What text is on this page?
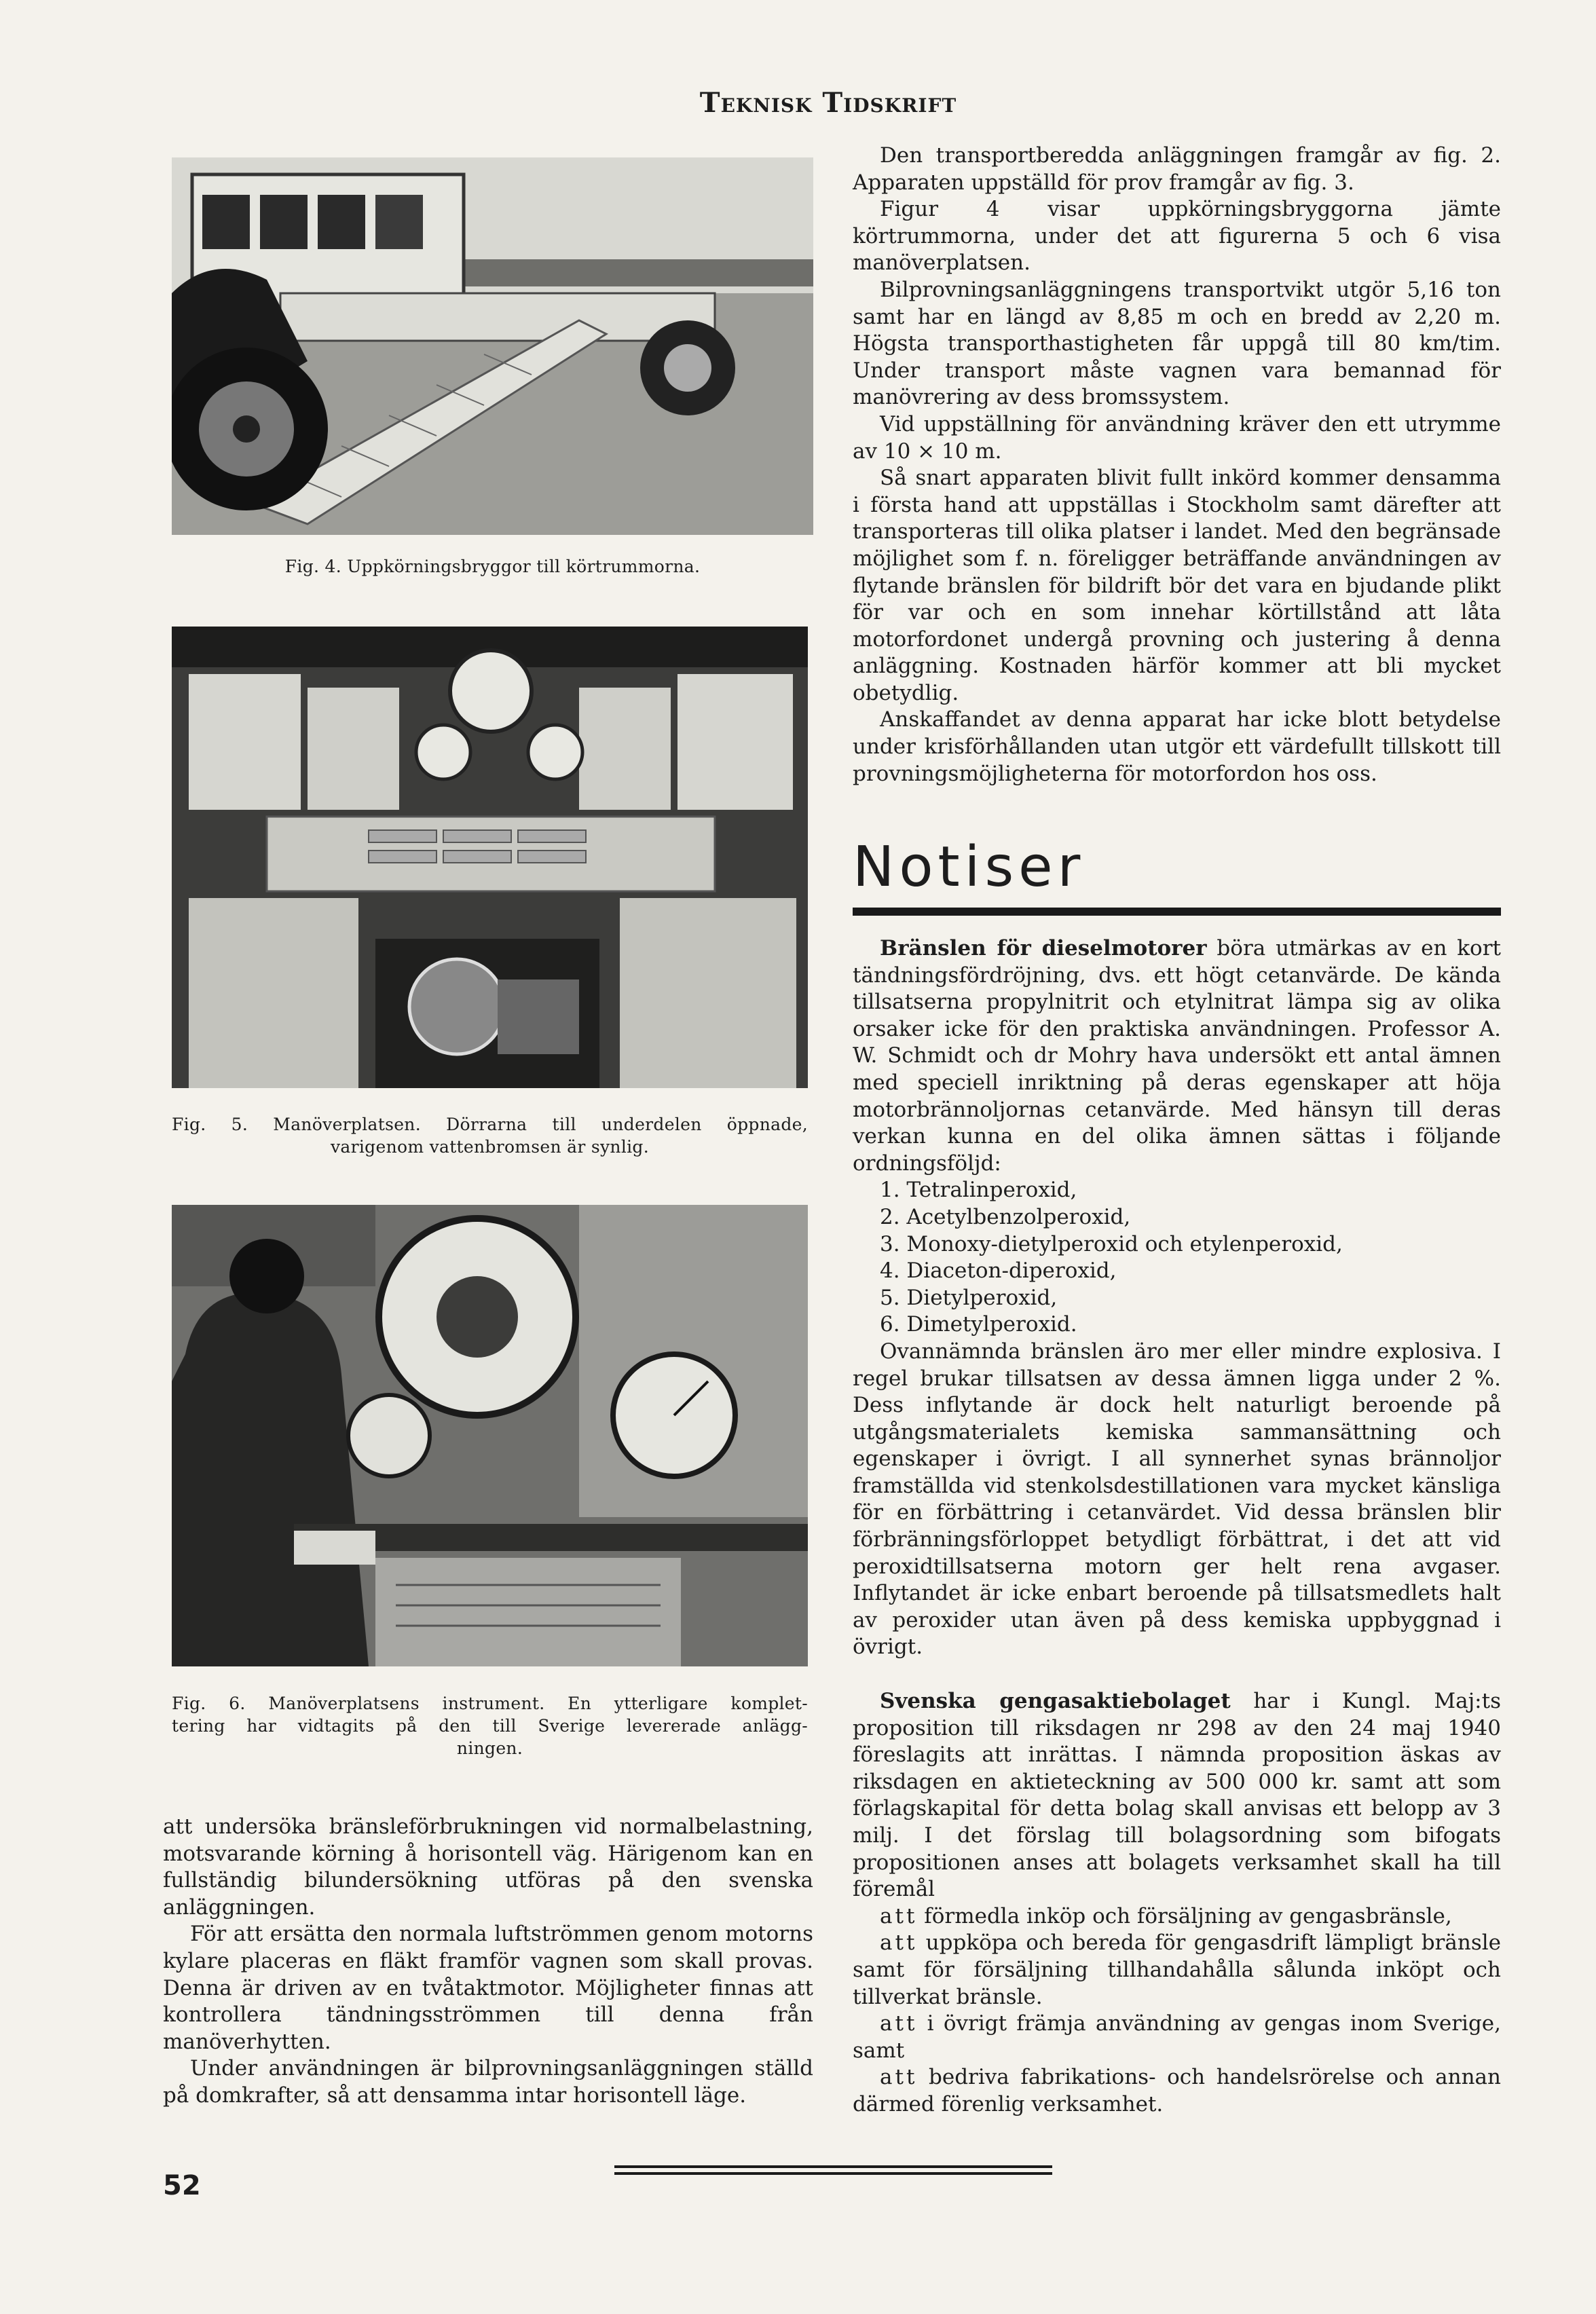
Teknisk Tidskrift
Fig. 4. Uppkörningsbryggor till körtrummorna.
Fig. 5. Manöverplatsen. Dörrarna till underdelen öppnade,
varigenom vattenbromsen är synlig.
Fig. 6. Manöverplatsens instrument. En ytterligare komplet-
tering har vidtagits på den till Sverige levererade anlägg-
ningen.

att undersöka bränsleförbrukningen vid normalbelastning, motsvarande körning å horisontell väg. Härigenom kan en fullständig bilundersökning utföras på den svenska anläggningen.

För att ersätta den normala luftströmmen genom motorns kylare placeras en fläkt framför vagnen som skall provas. Denna är driven av en tvåtaktmotor. Möjligheter finnas att kontrollera tändningsströmmen till denna från manöverhytten.

Under användningen är bilprovningsanläggningen ställd på domkrafter, så att densamma intar horisontell läge.

Den transportberedda anläggningen framgår av fig. 2. Apparaten uppställd för prov framgår av fig. 3.

Figur 4 visar uppkörningsbryggorna jämte körtrummorna, under det att figurerna 5 och 6 visa manöverplatsen.

Bilprovningsanläggningens transportvikt utgör 5,16 ton samt har en längd av 8,85 m och en bredd av 2,20 m. Högsta transporthastigheten får uppgå till 80 km/tim. Under transport måste vagnen vara bemannad för manövrering av dess bromssystem.

Vid uppställning för användning kräver den ett utrymme av 10 × 10 m.

Så snart apparaten blivit fullt inkörd kommer densamma i första hand att uppställas i Stockholm samt därefter att transporteras till olika platser i landet. Med den begränsade möjlighet som f. n. föreligger beträffande användningen av flytande bränslen för bildrift bör det vara en bjudande plikt för var och en som innehar körtillstånd att låta motorfordonet undergå provning och justering å denna anläggning. Kostnaden härför kommer att bli mycket obetydlig.

Anskaffandet av denna apparat har icke blott betydelse under krisförhållanden utan utgör ett värdefullt tillskott till provningsmöjligheterna för motorfordon hos oss.

Notiser

Bränslen för dieselmotorer böra utmärkas av en kort tändningsfördröjning, dvs. ett högt cetanvärde. De kända tillsatserna propylnitrit och etylnitrat lämpa sig av olika orsaker icke för den praktiska användningen. Professor A. W. Schmidt och dr Mohry hava undersökt ett antal ämnen med speciell inriktning på deras egenskaper att höja motorbrännoljornas cetanvärde. Med hänsyn till deras verkan kunna en del olika ämnen sättas i följande ordningsföljd:

1. Tetralinperoxid,
2. Acetylbenzolperoxid,
3. Monoxy-dietylperoxid och etylenperoxid,
4. Diaceton-diperoxid,
5. Dietylperoxid,
6. Dimetylperoxid.

Ovannämnda bränslen äro mer eller mindre explosiva. I regel brukar tillsatsen av dessa ämnen ligga under 2 %. Dess inflytande är dock helt naturligt beroende på utgångsmaterialets kemiska sammansättning och egenskaper i övrigt. I all synnerhet synas brännoljor framställda vid stenkolsdestillationen vara mycket känsliga för en förbättring i cetanvärdet. Vid dessa bränslen blir förbränningsförloppet betydligt förbättrat, i det att vid peroxidtillsatserna motorn ger helt rena avgaser. Inflytandet är icke enbart beroende på tillsatsmedlets halt av peroxider utan även på dess kemiska uppbyggnad i övrigt.

Svenska gengasaktiebolaget har i Kungl. Maj:ts proposition till riksdagen nr 298 av den 24 maj 1940 föreslagits att inrättas. I nämnda proposition äskas av riksdagen en aktieteckning av 500 000 kr. samt att som förlagskapital för detta bolag skall anvisas ett belopp av 3 milj. I det förslag till bolagsordning som bifogats propositionen anses att bolagets verksamhet skall ha till föremål

att förmedla inköp och försäljning av gengasbränsle,

att uppköpa och bereda för gengasdrift lämpligt bränsle samt för försäljning tillhandahålla sålunda inköpt och tillverkat bränsle.

att i övrigt främja användning av gengas inom Sverige, samt

att bedriva fabrikations- och handelsrörelse och annan därmed förenlig verksamhet.

52
